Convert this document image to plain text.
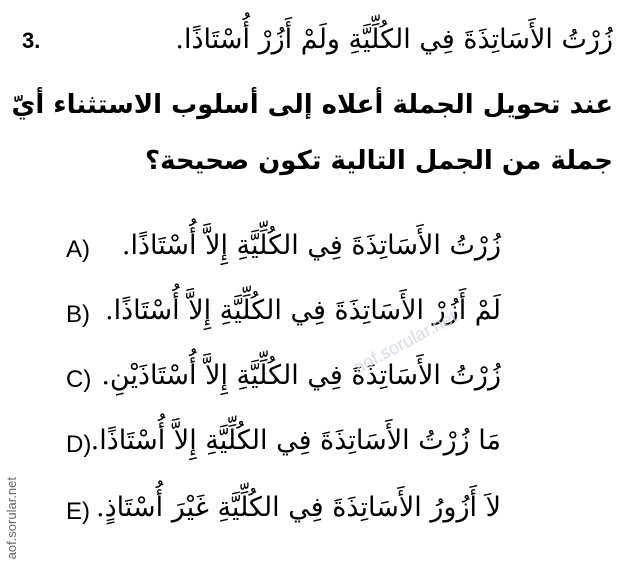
3.	زُرْتُ الأَسَاتِذَةَ فِي الكُلِّيَّةِ ولَمْ أَزُرْ أُسْتَاذًا.
عند تحويل الجملة أعلاه إلى أسلوب الاستثناء أيّ
جملة من الجمل التالية تكون صحيحة؟
A) زُرْتُ الأَسَاتِذَةَ فِي الكُلِّيَّةِ إِلاَّ أُسْتَاذًا.
B) لَمْ أَزُرْ الأَسَاتِذَةَ فِي الكُلِّيَّةِ إِلاَّ أُسْتَاذًا.
C) زُرْتُ الأَسَاتِذَةَ فِي الكُلِّيَّةِ إِلاَّ أُسْتَاذَيْنِ.
D) مَا زُرْتُ الأَسَاتِذَةَ فِي الكُلِّيَّةِ إِلاَّ أُسْتَاذًا.
E) لاَ أَزُورُ الأَسَاتِذَةَ فِي الكُلِّيَّةِ غَيْرَ أُسْتَاذٍ.
aof.sorular.net
aof.sorular.net
